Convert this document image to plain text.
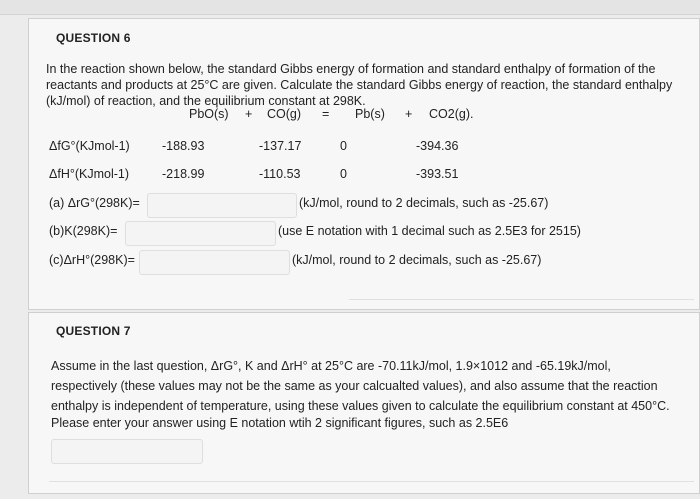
QUESTION 6
In the reaction shown below, the standard Gibbs energy of formation and standard enthalpy of formation of the reactants and products at 25°C are given. Calculate the standard Gibbs energy of reaction, the standard enthalpy (kJ/mol) of reaction, and the equilibrium constant at 298K.
PbO(s) + CO(g) = Pb(s) + CO2(g).
ΔfG°(KJmol-1)	-188.93	-137.17	0	-394.36
ΔfH°(KJmol-1)	-218.99	-110.53	0	-393.51
(a) ΔrG°(298K)=	(kJ/mol, round to 2 decimals, such as -25.67)
(b)K(298K)=	(use E notation with 1 decimal such as 2.5E3 for 2515)
(c)ΔrH°(298K)=	(kJ/mol, round to 2 decimals, such as -25.67)
QUESTION 7
Assume in the last question, ΔrG°, K and ΔrH° at 25°C are -70.11kJ/mol, 1.9×1012 and -65.19kJ/mol,
respectively (these values may not be the same as your calcualted values), and also assume that the reaction
enthalpy is independent of temperature, using these values given to calculate the equilibrium constant at 450°C.
Please enter your answer using E notation wtih 2 significant figures, such as 2.5E6
